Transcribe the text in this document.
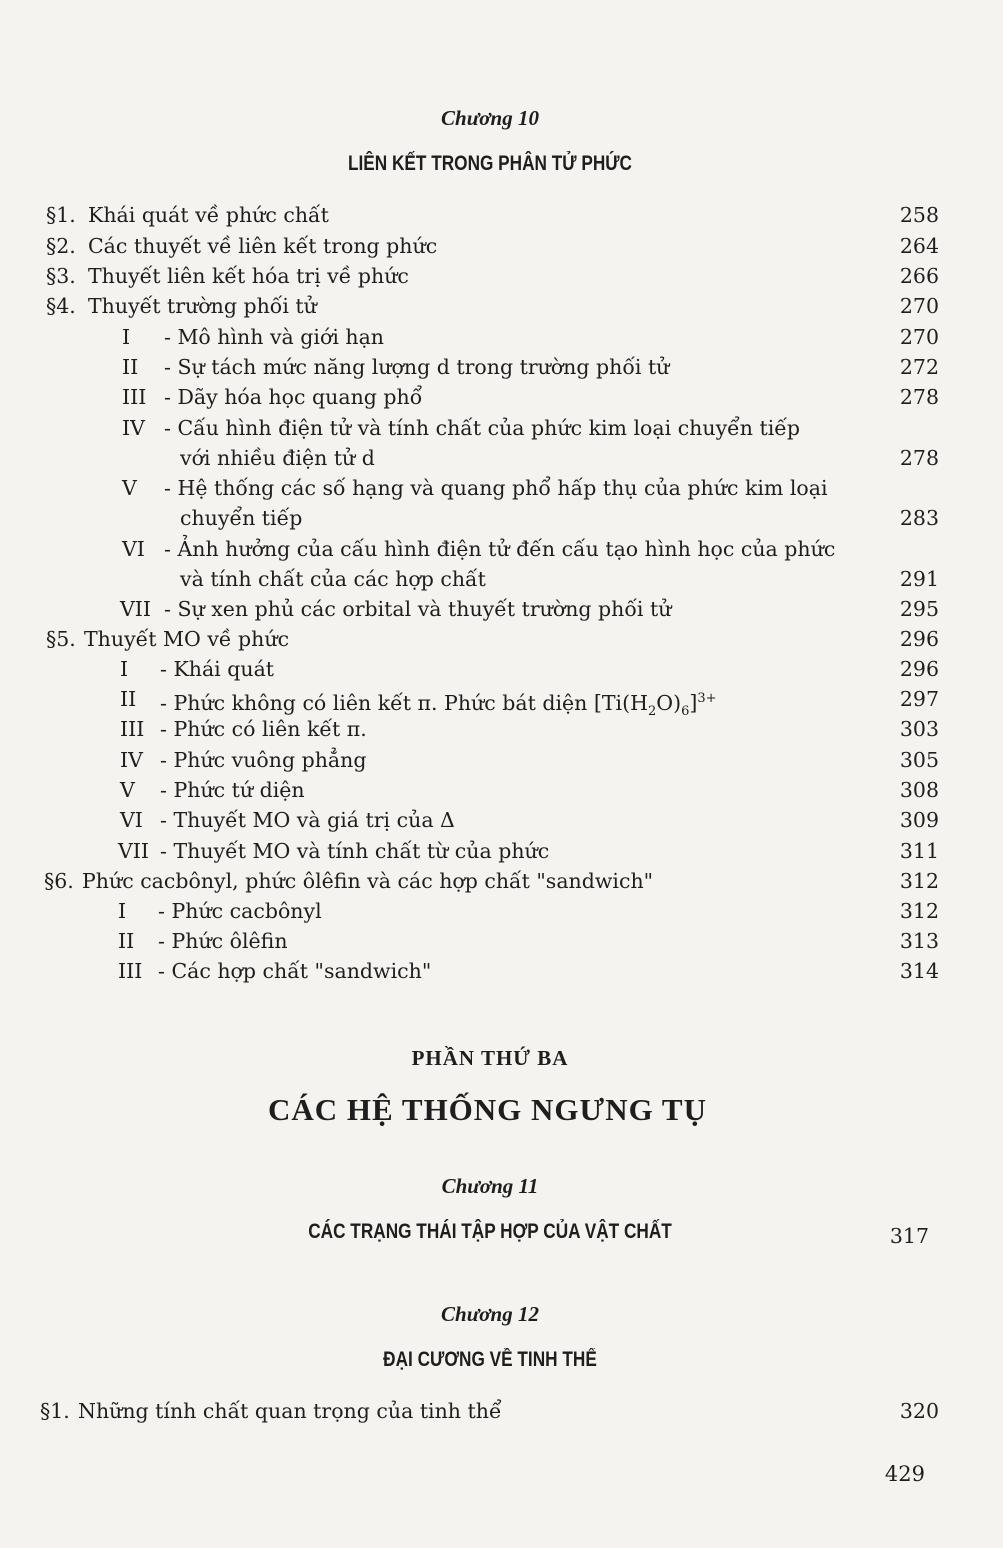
Chương 10
LIÊN KẾT TRONG PHÂN TỬ PHỨC
§1. Khái quát về phức chất	258
§2. Các thuyết về liên kết trong phức	264
§3. Thuyết liên kết hóa trị về phức	266
§4. Thuyết trường phối tử	270
I	- Mô hình và giới hạn	270
II	- Sự tách mức năng lượng d trong trường phối tử	272
III - Dãy hóa học quang phổ	278
IV - Cấu hình điện tử và tính chất của phức kim loại chuyển tiếp
với nhiều điện tử d	278
V	- Hệ thống các số hạng và quang phổ hấp thụ của phức kim loại
chuyển tiếp	283
VI - Ảnh hưởng của cấu hình điện tử đến cấu tạo hình học của phức
và tính chất của các hợp chất	291
VII - Sự xen phủ các orbital và thuyết trường phối tử	295
§5. Thuyết MO về phức	296
I	- Khái quát	296
II	- Phức không có liên kết π. Phức bát diện $[Ti(H_2O)_6]^{3+}$	297
III - Phức có liên kết π.	303
IV - Phức vuông phẳng	305
V	- Phức tứ diện	308
VI - Thuyết MO và giá trị của Δ	309
VII - Thuyết MO và tính chất từ của phức	311
§6. Phức cacbônyl, phức ôlêfin và các hợp chất "sandwich"	312
I	- Phức cacbônyl	312
II	- Phức ôlêfin	313
III - Các hợp chất "sandwich"	314
PHẦN THỨ BA
CÁC HỆ THỐNG NGƯNG TỤ
Chương 11
CÁC TRẠNG THÁI TẬP HỢP CỦA VẬT CHẤT	317
Chương 12
ĐẠI CƯƠNG VỀ TINH THỂ
§1. Những tính chất quan trọng của tinh thể	320
429
